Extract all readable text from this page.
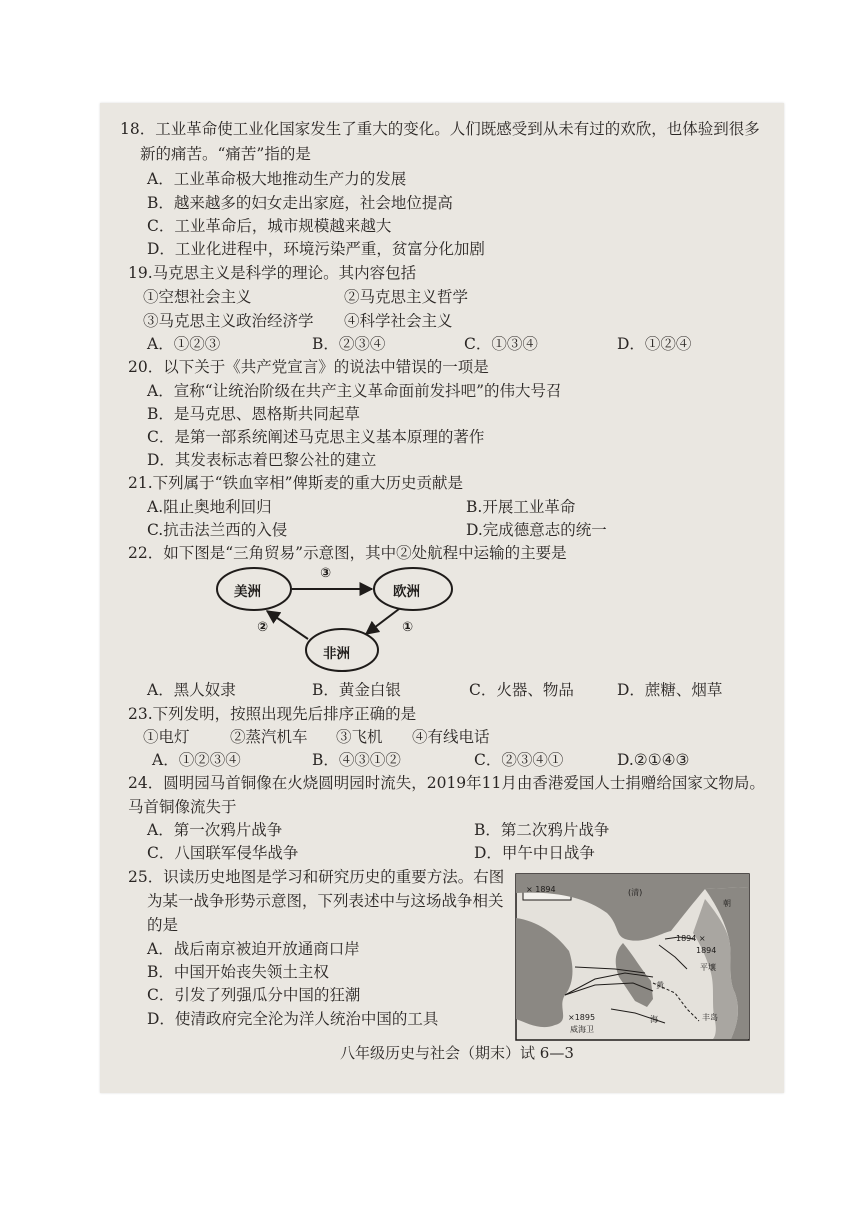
18．工业革命使工业化国家发生了重大的变化。人们既感受到从未有过的欢欣，也体验到很多
新的痛苦。“痛苦”指的是
A．工业革命极大地推动生产力的发展
B．越来越多的妇女走出家庭，社会地位提高
C．工业革命后，城市规模越来越大
D．工业化进程中，环境污染严重，贫富分化加剧
19.马克思主义是科学的理论。其内容包括
①空想社会主义	②马克思主义哲学
③马克思主义政治经济学 ④科学社会主义
A．①②③	B．②③④	C．①③④	D．①②④
20．以下关于《共产党宣言》的说法中错误的一项是
A．宣称“让统治阶级在共产主义革命面前发抖吧”的伟大号召
B．是马克思、恩格斯共同起草
C．是第一部系统阐述马克思主义基本原理的著作
D．其发表标志着巴黎公社的建立
21.下列属于“铁血宰相”俾斯麦的重大历史贡献是
A.阻止奥地利回归	B.开展工业革命
C.抗击法兰西的入侵	D.完成德意志的统一
22．如下图是“三角贸易”示意图，其中②处航程中运输的主要是
美洲	欧洲
非洲
③
①
②
A．黑人奴隶	B．黄金白银	C．火器、物品	D．蔗糖、烟草
23.下列发明，按照出现先后排序正确的是
①电灯	②蒸汽机车 ③飞机 ④有线电话
A．①②③④	B．④③①②	C．②③④①	D.②①④③
24．圆明园马首铜像在火烧圆明园时流失，2019年11月由香港爱国人士捐赠给国家文物局。
马首铜像流失于
A．第一次鸦片战争	B．第二次鸦片战争
C．八国联军侵华战争	D．甲午中日战争
25．识读历史地图是学习和研究历史的重要方法。右图
为某一战争形势示意图，下列表述中与这场战争相关
的是
A．战后南京被迫开放通商口岸
B．中国开始丧失领土主权
C．引发了列强瓜分中国的狂潮
D．使清政府完全沦为洋人统治中国的工具
× 1894	(清)
朝
1894 ×
1894
平壤
黄
海
×1895
威海卫
丰岛
八年级历史与社会（期末）试 6—3
